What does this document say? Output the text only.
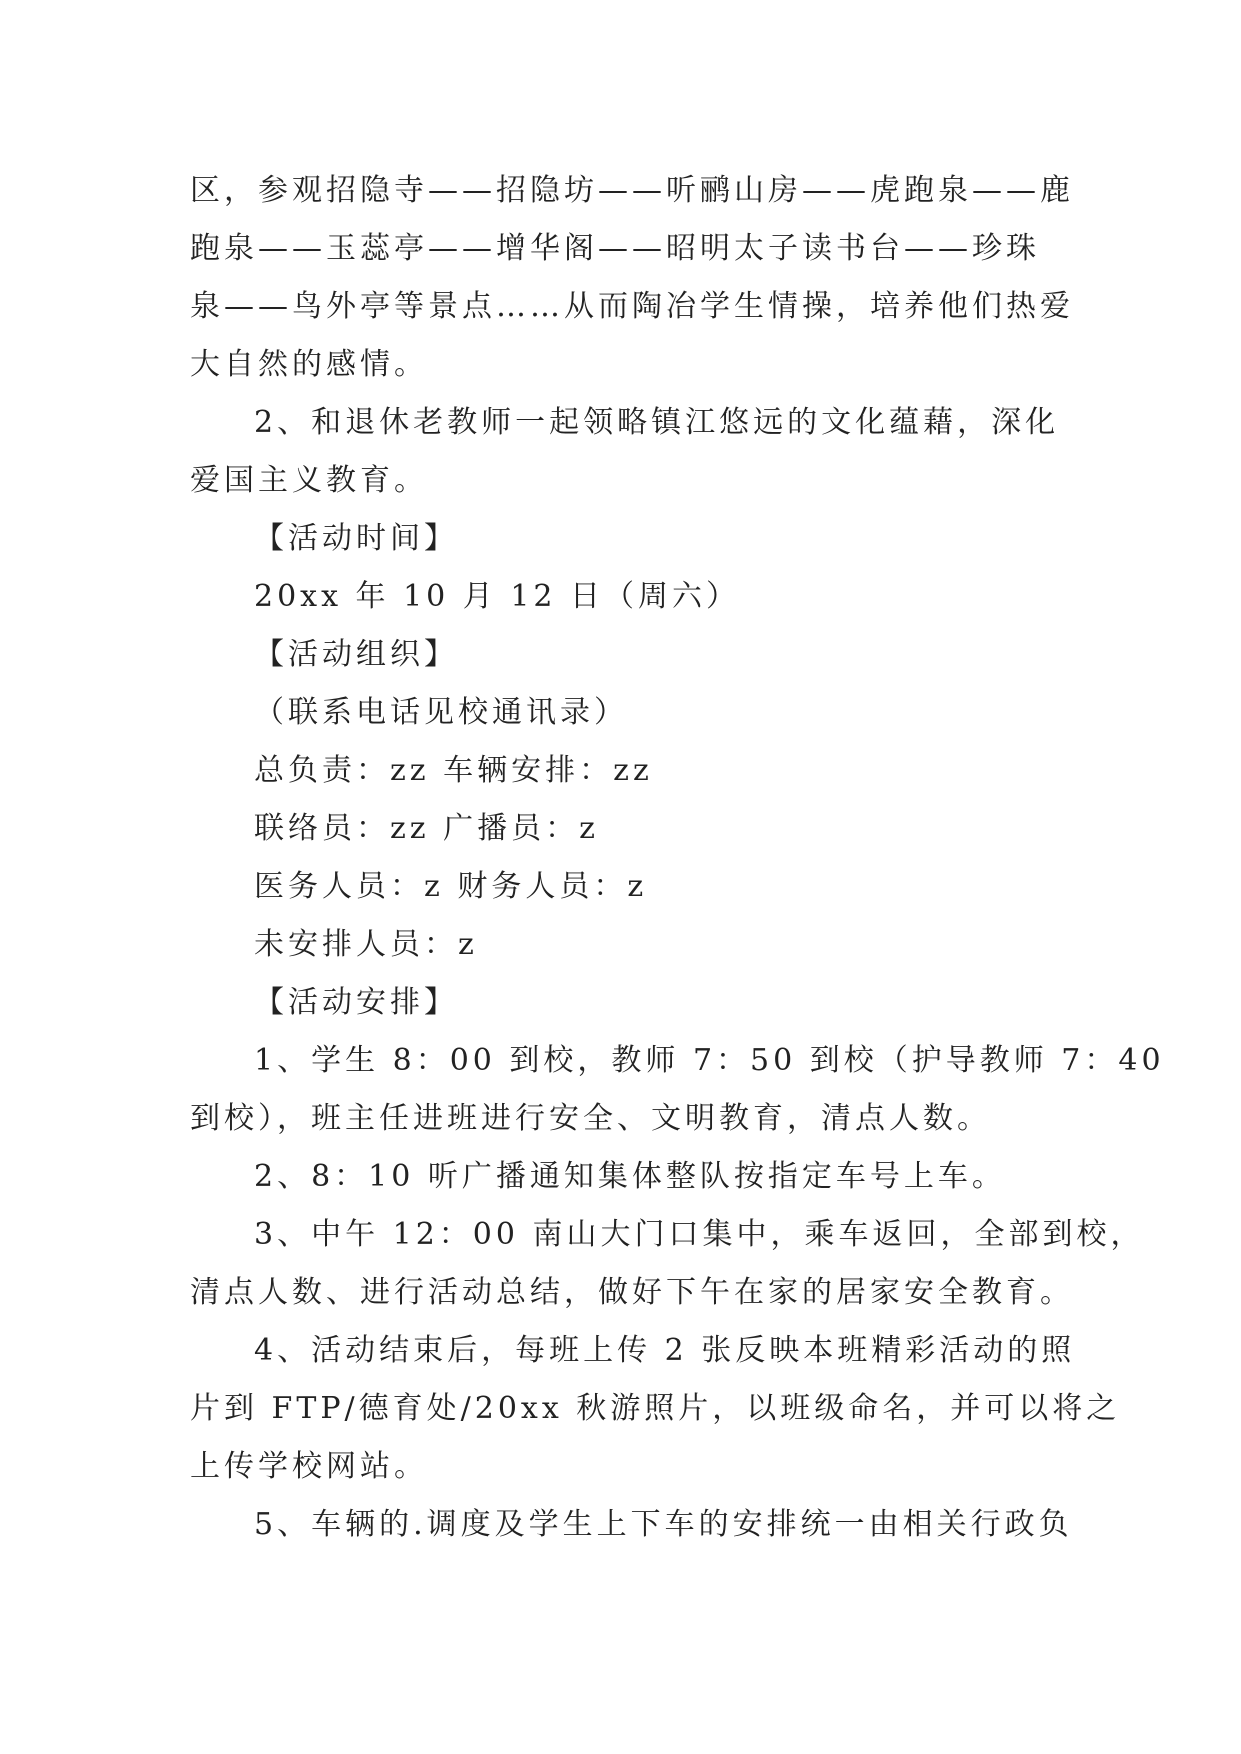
区，参观招隐寺——招隐坊——听鹂山房——虎跑泉——鹿
跑泉——玉蕊亭——增华阁——昭明太子读书台——珍珠
泉——鸟外亭等景点……从而陶冶学生情操，培养他们热爱
大自然的感情。
2、和退休老教师一起领略镇江悠远的文化蕴藉，深化
爱国主义教育。
【活动时间】
20xx 年 10 月 12 日（周六）
【活动组织】
（联系电话见校通讯录）
总负责：zz 车辆安排：zz
联络员：zz 广播员：z
医务人员：z 财务人员：z
未安排人员：z
【活动安排】
1、学生 8：00 到校，教师 7：50 到校（护导教师 7：40
到校），班主任进班进行安全、文明教育，清点人数。
2、8：10 听广播通知集体整队按指定车号上车。
3、中午 12：00 南山大门口集中，乘车返回，全部到校，
清点人数、进行活动总结，做好下午在家的居家安全教育。
4、活动结束后，每班上传 2 张反映本班精彩活动的照
片到 FTP/德育处/20xx 秋游照片，以班级命名，并可以将之
上传学校网站。
5、车辆的.调度及学生上下车的安排统一由相关行政负
